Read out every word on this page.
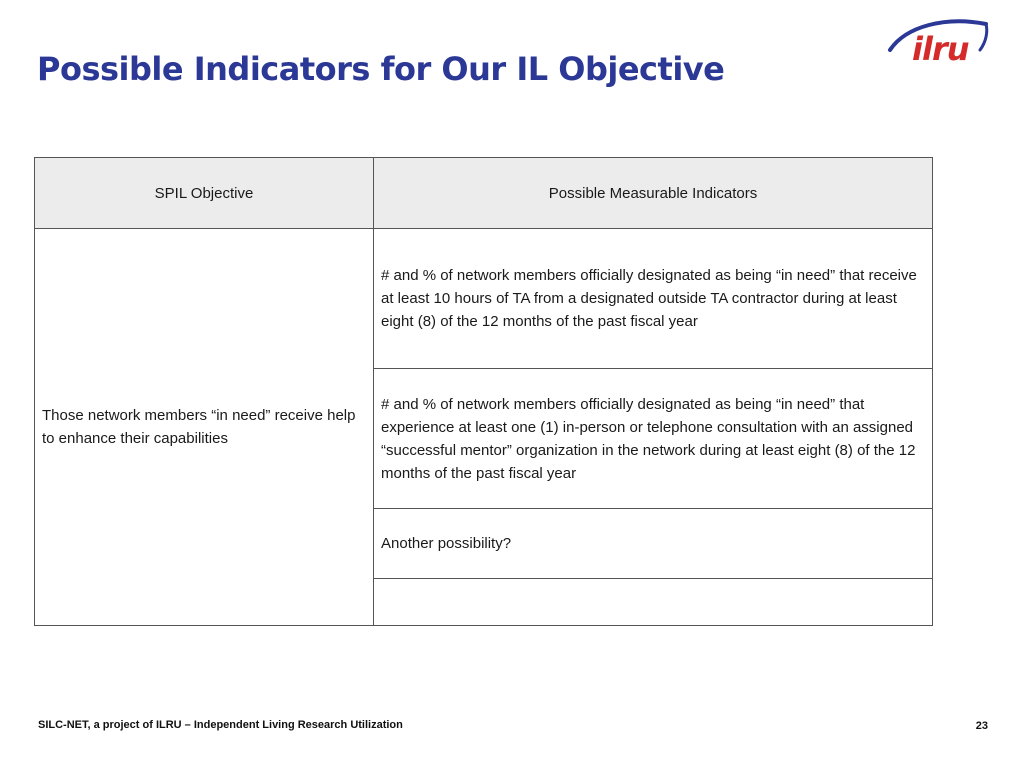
Possible Indicators for Our IL Objective
ilru
SPIL Objective	Possible Measurable Indicators
Those network members “in need” receive help to enhance their capabilities	# and % of network members officially designated as being “in need” that receive at least 10 hours of TA from a designated outside TA contractor during at least eight (8) of the 12 months of the past fiscal year
	# and % of network members officially designated as being “in need” that experience at least one (1) in-person or telephone consultation with an assigned “successful mentor” organization in the network during at least eight (8) of the 12 months of the past fiscal year
	Another possibility?

SILC-NET, a project of ILRU – Independent Living Research Utilization	23
